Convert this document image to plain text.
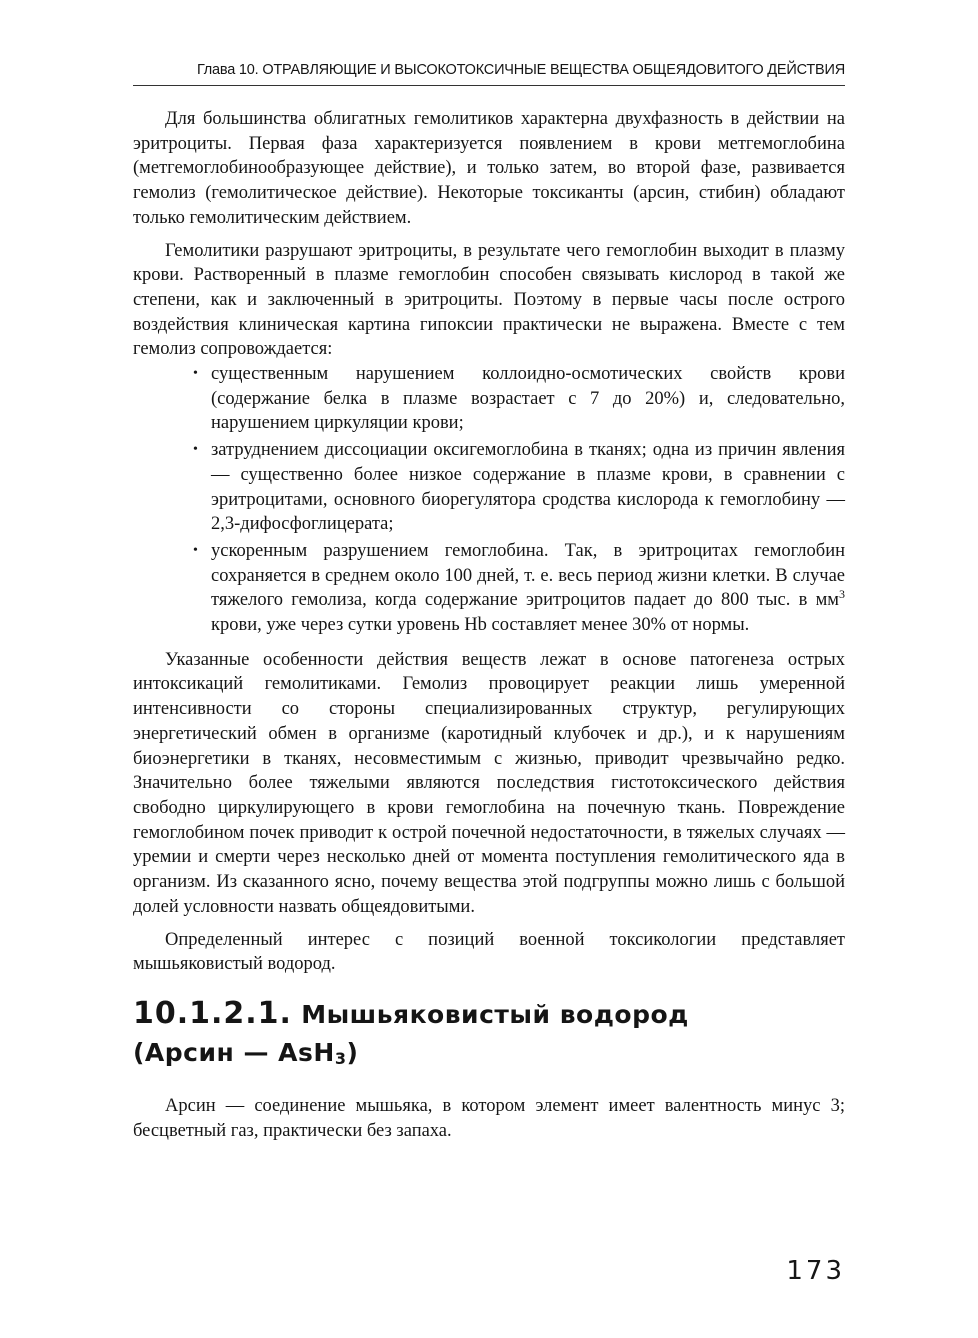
Глава 10. ОТРАВЛЯЮЩИЕ И ВЫСОКОТОКСИЧНЫЕ ВЕЩЕСТВА ОБЩЕЯДОВИТОГО ДЕЙСТВИЯ

Для большинства облигатных гемолитиков характерна двухфазность в действии на эритроциты. Первая фаза характеризуется появлением в крови метгемоглобина (метгемоглобинообразующее действие), и только затем, во второй фазе, развивается гемолиз (гемолитическое действие). Некоторые токсиканты (арсин, стибин) обладают только гемолитическим действием.

Гемолитики разрушают эритроциты, в результате чего гемоглобин выходит в плазму крови. Растворенный в плазме гемоглобин способен связывать кислород в такой же степени, как и заключенный в эритроциты. Поэтому в первые часы после острого воздействия клиническая картина гипоксии практически не выражена. Вместе с тем гемолиз сопровождается:

• существенным нарушением коллоидно-осмотических свойств крови (содержание белка в плазме возрастает с 7 до 20%) и, следовательно, нарушением циркуляции крови;
• затруднением диссоциации оксигемоглобина в тканях; одна из причин явления — существенно более низкое содержание в плазме крови, в сравнении с эритроцитами, основного биорегулятора сродства кислорода к гемоглобину — 2,3-дифосфоглицерата;
• ускоренным разрушением гемоглобина. Так, в эритроцитах гемоглобин сохраняется в среднем около 100 дней, т. е. весь период жизни клетки. В случае тяжелого гемолиза, когда содержание эритроцитов падает до 800 тыс. в $мм^3$ крови, уже через сутки уровень Hb составляет менее 30% от нормы.

Указанные особенности действия веществ лежат в основе патогенеза острых интоксикаций гемолитиками. Гемолиз провоцирует реакции лишь умеренной интенсивности со стороны специализированных структур, регулирующих энергетический обмен в организме (каротидный клубочек и др.), и к нарушениям биоэнергетики в тканях, несовместимым с жизнью, приводит чрезвычайно редко. Значительно более тяжелыми являются последствия гистотоксического действия свободно циркулирующего в крови гемоглобина на почечную ткань. Повреждение гемоглобином почек приводит к острой почечной недостаточности, в тяжелых случаях — уремии и смерти через несколько дней от момента поступления гемолитического яда в организм. Из сказанного ясно, почему вещества этой подгруппы можно лишь с большой долей условности назвать общеядовитыми.

Определенный интерес с позиций военной токсикологии представляет мышьяковистый водород.

10.1.2.1. Мышьяковистый водород
(Арсин — AsH$_3$)

Арсин — соединение мышьяка, в котором элемент имеет валентность минус 3; бесцветный газ, практически без запаха.

173
